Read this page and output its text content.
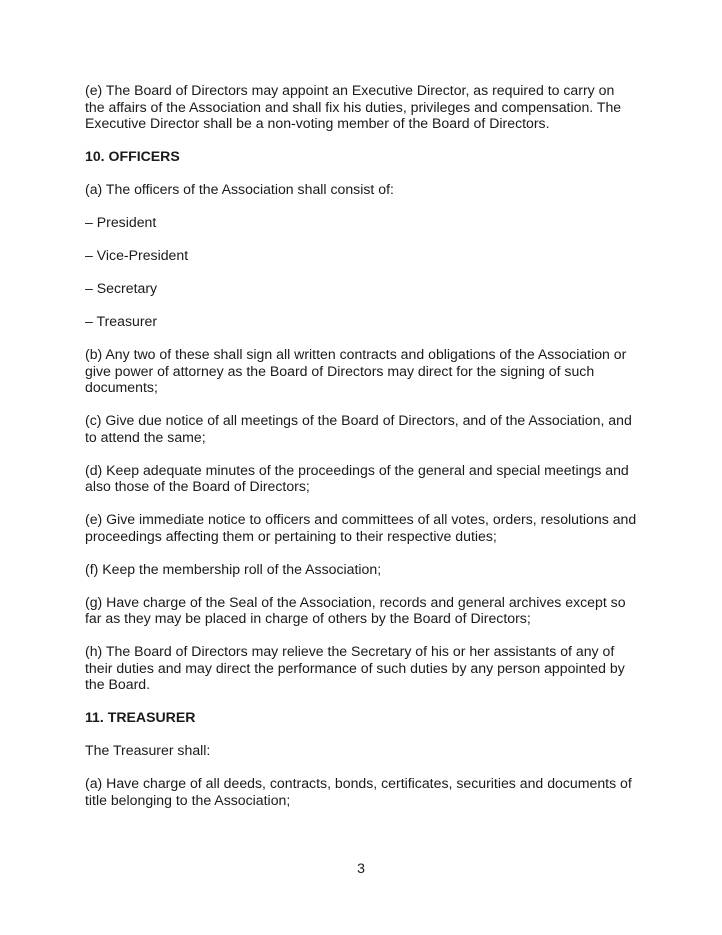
(e) The Board of Directors may appoint an Executive Director, as required to carry on the affairs of the Association and shall fix his duties, privileges and compensation. The Executive Director shall be a non-voting member of the Board of Directors.

10. OFFICERS

(a) The officers of the Association shall consist of:

– President

– Vice-President

– Secretary

– Treasurer

(b) Any two of these shall sign all written contracts and obligations of the Association or give power of attorney as the Board of Directors may direct for the signing of such documents;

(c) Give due notice of all meetings of the Board of Directors, and of the Association, and to attend the same;

(d) Keep adequate minutes of the proceedings of the general and special meetings and also those of the Board of Directors;

(e) Give immediate notice to officers and committees of all votes, orders, resolutions and proceedings affecting them or pertaining to their respective duties;

(f) Keep the membership roll of the Association;

(g) Have charge of the Seal of the Association, records and general archives except so far as they may be placed in charge of others by the Board of Directors;

(h) The Board of Directors may relieve the Secretary of his or her assistants of any of their duties and may direct the performance of such duties by any person appointed by the Board.

11. TREASURER

The Treasurer shall:

(a) Have charge of all deeds, contracts, bonds, certificates, securities and documents of title belonging to the Association;

3
